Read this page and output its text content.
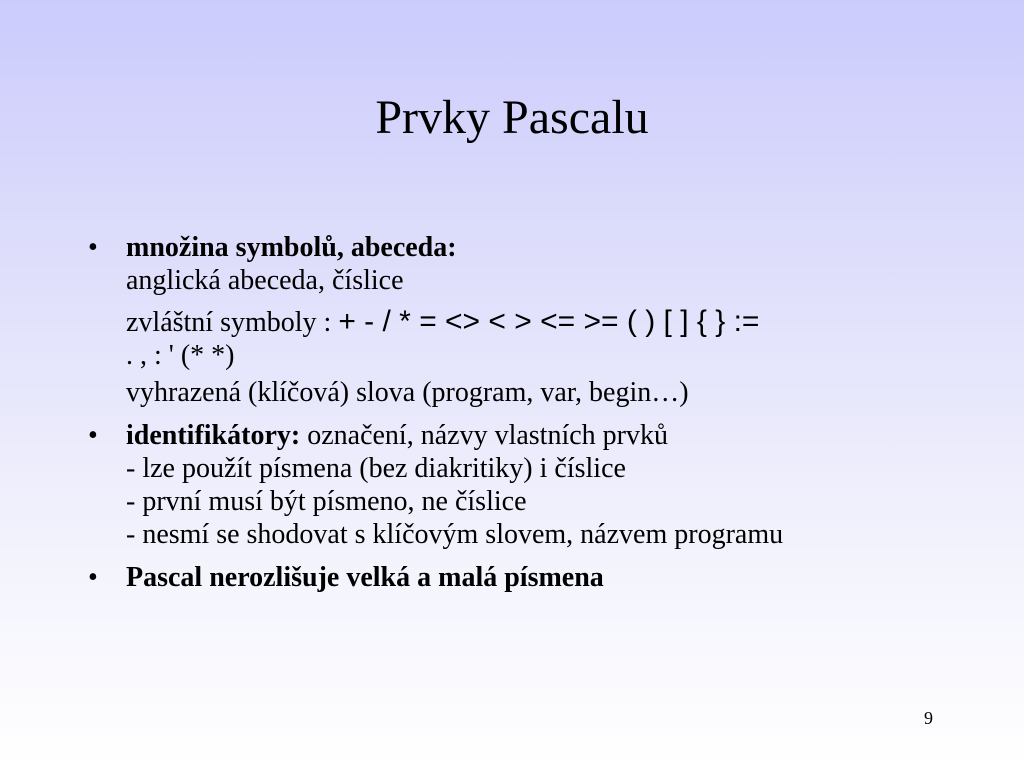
Prvky Pascalu
• množina symbolů, abeceda:
anglická abeceda, číslice
zvláštní symboly : + - / * = <> < > <= >= ( ) [ ] { } :=
. , : ' (* *)
vyhrazená (klíčová) slova (program, var, begin…)
• identifikátory: označení, názvy vlastních prvků
- lze použít písmena (bez diakritiky) i číslice
- první musí být písmeno, ne číslice
- nesmí se shodovat s klíčovým slovem, názvem programu
• Pascal nerozlišuje velká a malá písmena
9
